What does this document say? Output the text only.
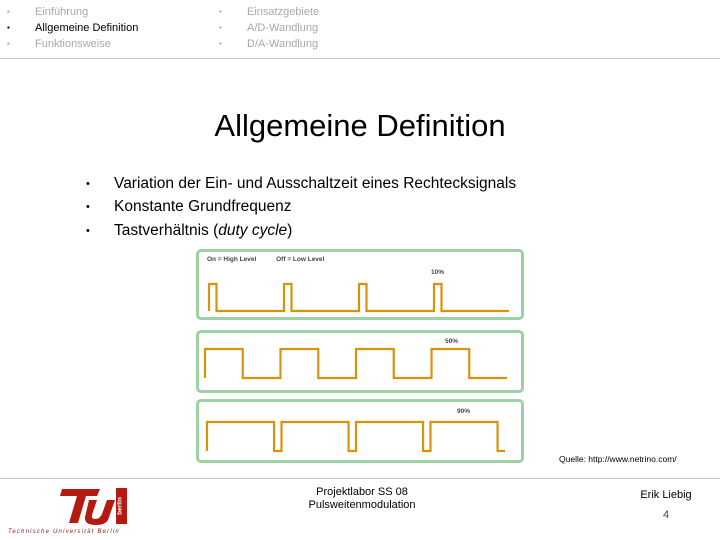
▪	Einführung
▪	Allgemeine Definition
▪	Funktionsweise
▪	Einsatzgebiete
▪	A/D-Wandlung
▪	D/A-Wandlung
Allgemeine Definition
•	Variation der Ein- und Ausschaltzeit eines Rechtecksignals
•	Konstante Grundfrequenz
•	Tastverhältnis (duty cycle)
On = High Level	Off = Low Level
10%
50%
90%
Quelle: http://www.netrino.com/
berlin
Technische Universität Berlin
Projektlabor SS 08
Pulsweitenmodulation
Erik Liebig
4
